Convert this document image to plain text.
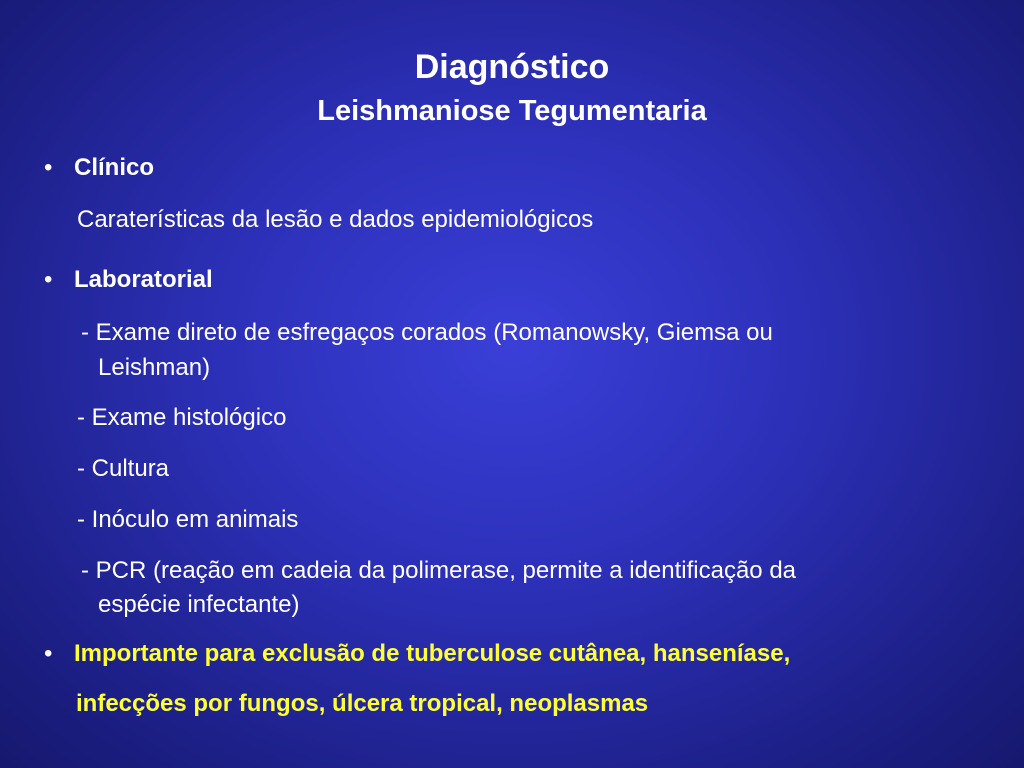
Diagnóstico
Leishmaniose Tegumentaria
• Clínico
Caraterísticas da lesão e dados epidemiológicos
• Laboratorial
- Exame direto de esfregaços corados (Romanowsky, Giemsa ou
Leishman)
- Exame histológico
- Cultura
- Inóculo em animais
- PCR (reação em cadeia da polimerase, permite a identificação da
espécie infectante)
• Importante para exclusão de tuberculose cutânea, hanseníase,
infecções por fungos, úlcera tropical, neoplasmas
